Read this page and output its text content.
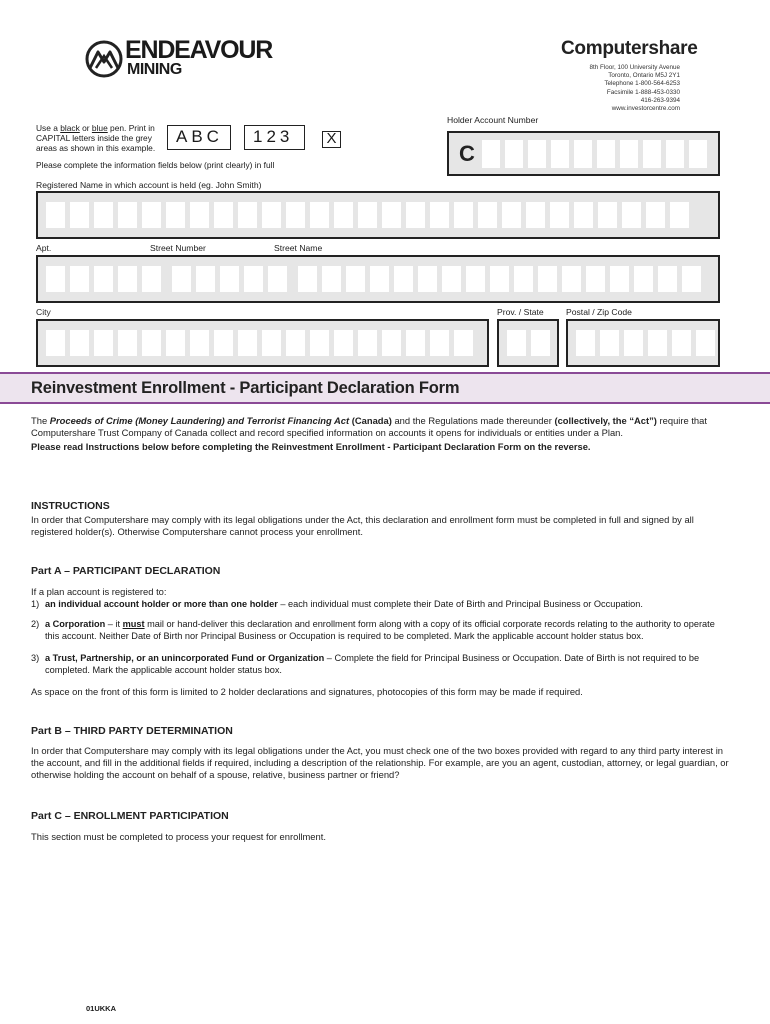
ENDEAVOUR
MINING
Computershare
8th Floor, 100 University Avenue
Toronto, Ontario M5J 2Y1
Telephone 1-800-564-6253
Facsimile 1-888-453-0330
416-263-9394
www.investorcentre.com
Use a black or blue pen. Print in CAPITAL letters inside the grey areas as shown in this example.
ABC	123	X
Please complete the information fields below (print clearly) in full
Holder Account Number
C
Registered Name in which account is held (eg. John Smith)
Apt.	Street Number	Street Name
City	Prov. / State	Postal / Zip Code
Reinvestment Enrollment - Participant Declaration Form
The Proceeds of Crime (Money Laundering) and Terrorist Financing Act (Canada) and the Regulations made thereunder (collectively, the “Act”) require that Computershare Trust Company of Canada collect and record specified information on accounts it opens for individuals or entities under a Plan.
Please read Instructions below before completing the Reinvestment Enrollment - Participant Declaration Form on the reverse.
INSTRUCTIONS
In order that Computershare may comply with its legal obligations under the Act, this declaration and enrollment form must be completed in full and signed by all registered holder(s). Otherwise Computershare cannot process your enrollment.
Part A – PARTICIPANT DECLARATION
If a plan account is registered to:
1) an individual account holder or more than one holder – each individual must complete their Date of Birth and Principal Business or Occupation.
2) a Corporation – it must mail or hand-deliver this declaration and enrollment form along with a copy of its official corporate records relating to the authority to operate
this account. Neither Date of Birth nor Principal Business or Occupation is required to be completed. Mark the applicable account holder status box.
3) a Trust, Partnership, or an unincorporated Fund or Organization – Complete the field for Principal Business or Occupation. Date of Birth is not required to be
completed. Mark the applicable account holder status box.
As space on the front of this form is limited to 2 holder declarations and signatures, photocopies of this form may be made if required.
Part B – THIRD PARTY DETERMINATION
In order that Computershare may comply with its legal obligations under the Act, you must check one of the two boxes provided with regard to any third party interest in the account, and fill in the additional fields if required, including a description of the relationship. For example, are you an agent, custodian, attorney, or legal guardian, or otherwise holding the account on behalf of a spouse, relative, business partner or friend?
Part C – ENROLLMENT PARTICIPATION
This section must be completed to process your request for enrollment.
01UKKA
